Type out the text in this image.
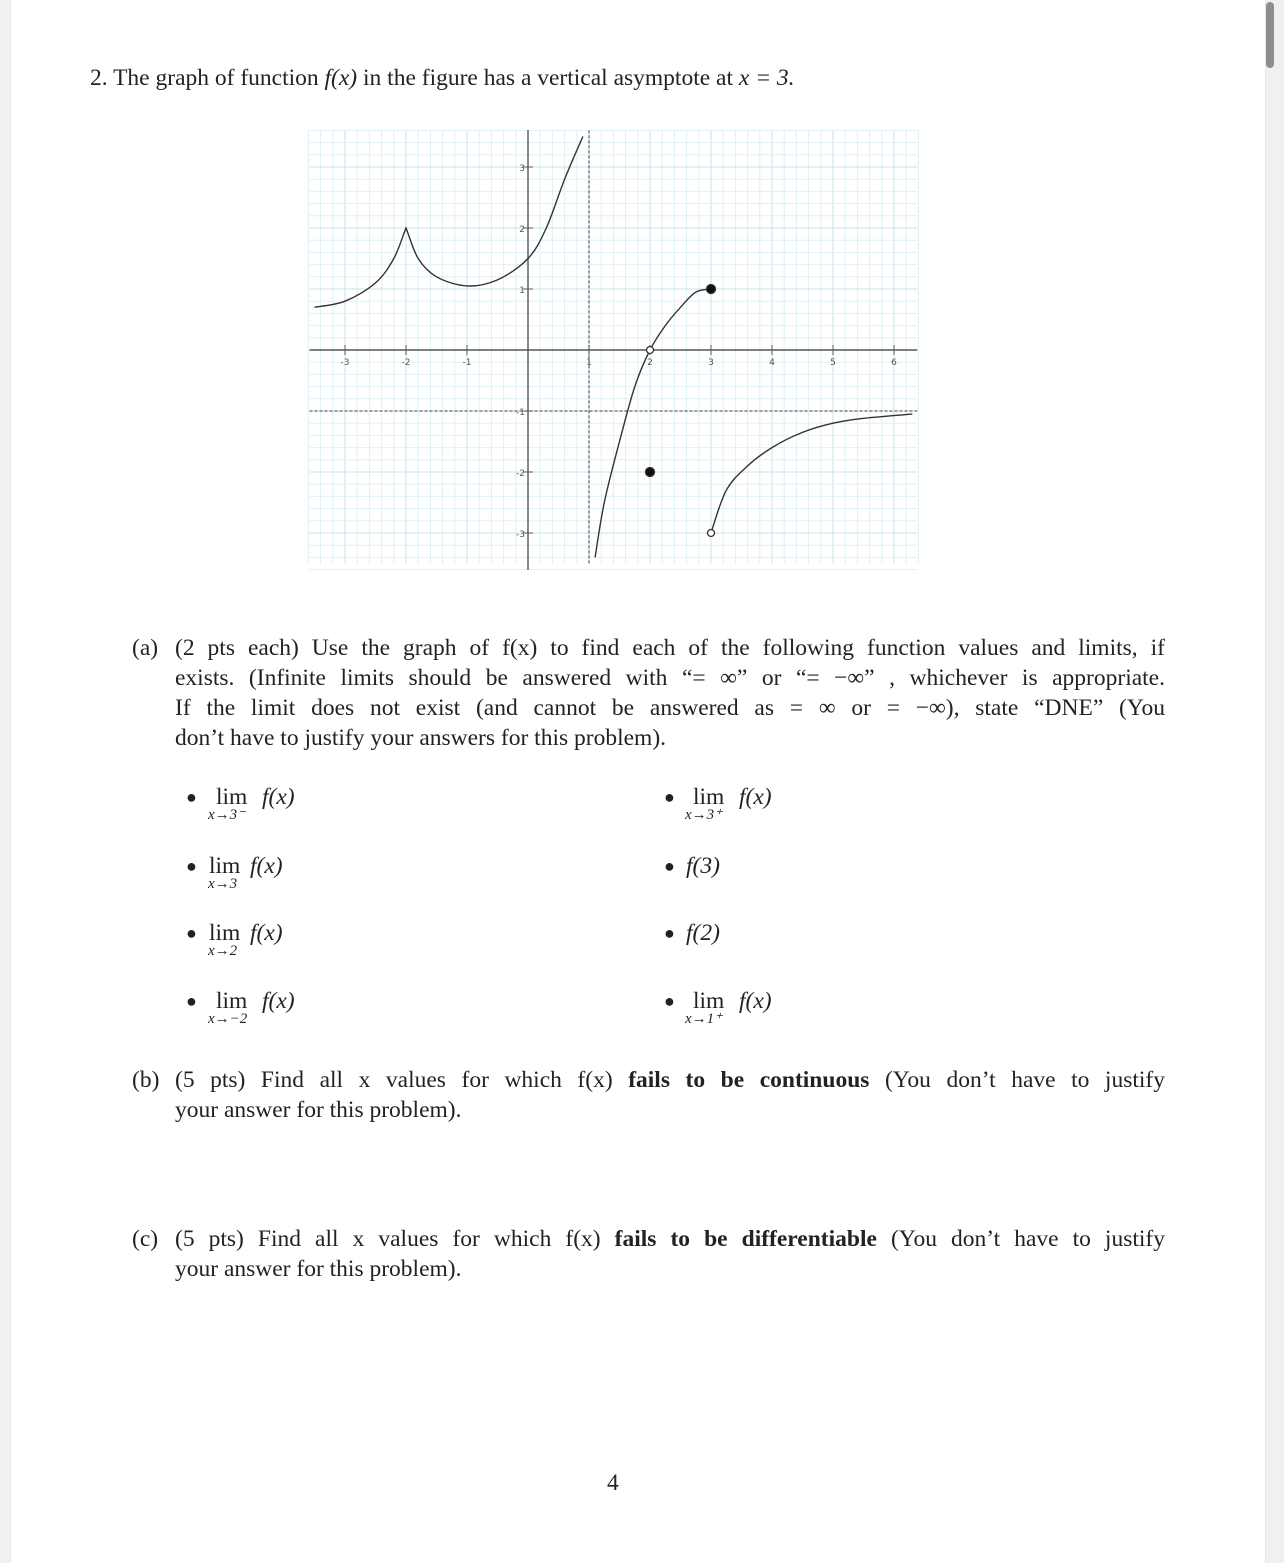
2. The graph of function f(x) in the figure has a vertical asymptote at x = 3.
-3	-2	-1	1	2	3	4	5	6
3
2
1
-1
-2
-3
(a) (2 pts each) Use the graph of f(x) to find each of the following function values and limits, if
exists. (Infinite limits should be answered with “= ∞” or “= −∞” , whichever is appropriate.
If the limit does not exist (and cannot be answered as = ∞ or = −∞), state “DNE” (You
don’t have to justify your answers for this problem).
● lim
x→3⁻
f(x)	● lim
x→3⁺
f(x)
● lim
x→3
f(x)	● f(3)
● lim
x→2
f(x)	● f(2)
● lim
x→−2
f(x)	● lim
x→1⁺
f(x)
(b) (5 pts) Find all x values for which f(x) fails to be continuous (You don’t have to justify
your answer for this problem).
(c) (5 pts) Find all x values for which f(x) fails to be differentiable (You don’t have to justify
your answer for this problem).
4
